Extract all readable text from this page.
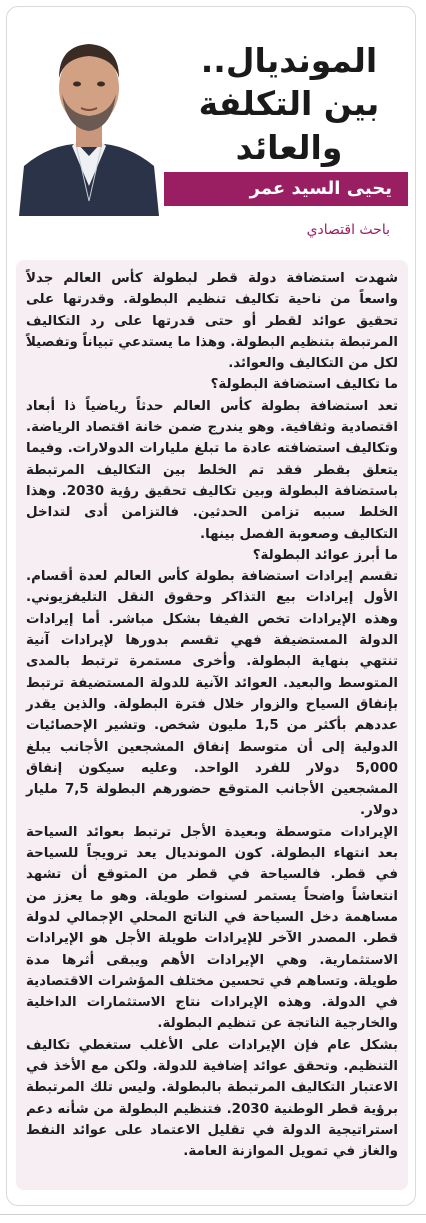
المونديال..
بين التكلفة والعائد
يحيى السيد عمر
باحث اقتصادي

شهدت استضافة دولة قطر لبطولة كأس العالم جدلاً واسعاً من ناحية تكاليف تنظيم البطولة. وقدرتها على تحقيق عوائد لقطر أو حتى قدرتها على رد التكاليف المرتبطة بتنظيم البطولة. وهذا ما يستدعي تبياناً وتفصيلاً لكل من التكاليف والعوائد.

ما تكاليف استضافة البطولة؟

تعد استضافة بطولة كأس العالم حدثاً رياضياً ذا أبعاد اقتصادية وثقافية. وهو يندرج ضمن خانة اقتصاد الرياضة. وتكاليف استضافته عادة ما تبلغ مليارات الدولارات. وفيما يتعلق بقطر فقد تم الخلط بين التكاليف المرتبطة باستضافة البطولة وبين تكاليف تحقيق رؤية 2030. وهذا الخلط سببه تزامن الحدثين. فالتزامن أدى لتداخل التكاليف وصعوبة الفصل بينها.

ما أبرز عوائد البطولة؟

تقسم إيرادات استضافة بطولة كأس العالم لعدة أقسام. الأول إيرادات بيع التذاكر وحقوق النقل التليفزيوني. وهذه الإيرادات تخص الفيفا بشكل مباشر. أما إيرادات الدولة المستضيفة فهي تقسم بدورها لإيرادات آنية تنتهي بنهاية البطولة. وأخرى مستمرة ترتبط بالمدى المتوسط والبعيد. العوائد الآنية للدولة المستضيفة ترتبط بإنفاق السياح والزوار خلال فترة البطولة. والذين يقدر عددهم بأكثر من 1,5 مليون شخص. وتشير الإحصائيات الدولية إلى أن متوسط إنفاق المشجعين الأجانب يبلغ 5,000 دولار للفرد الواحد. وعليه سيكون إنفاق المشجعين الأجانب المتوقع حضورهم البطولة 7,5 مليار دولار.

الإيرادات متوسطة وبعيدة الأجل ترتبط بعوائد السياحة بعد انتهاء البطولة. كون المونديال يعد ترويجاً للسياحة في قطر. فالسياحة في قطر من المتوقع أن تشهد انتعاشاً واضحاً يستمر لسنوات طويلة. وهو ما يعزز من مساهمة دخل السياحة في الناتج المحلي الإجمالي لدولة قطر. المصدر الآخر للإيرادات طويلة الأجل هو الإيرادات الاستثمارية. وهي الإيرادات الأهم ويبقى أثرها مدة طويلة. وتساهم في تحسين مختلف المؤشرات الاقتصادية في الدولة. وهذه الإيرادات نتاج الاستثمارات الداخلية والخارجية الناتجة عن تنظيم البطولة.

بشكل عام فإن الإيرادات على الأغلب ستغطي تكاليف التنظيم. وتحقق عوائد إضافية للدولة. ولكن مع الأخذ في الاعتبار التكاليف المرتبطة بالبطولة. وليس تلك المرتبطة برؤية قطر الوطنية 2030. فتنظيم البطولة من شأنه دعم استراتيجية الدولة في تقليل الاعتماد على عوائد النفط والغاز في تمويل الموازنة العامة.
